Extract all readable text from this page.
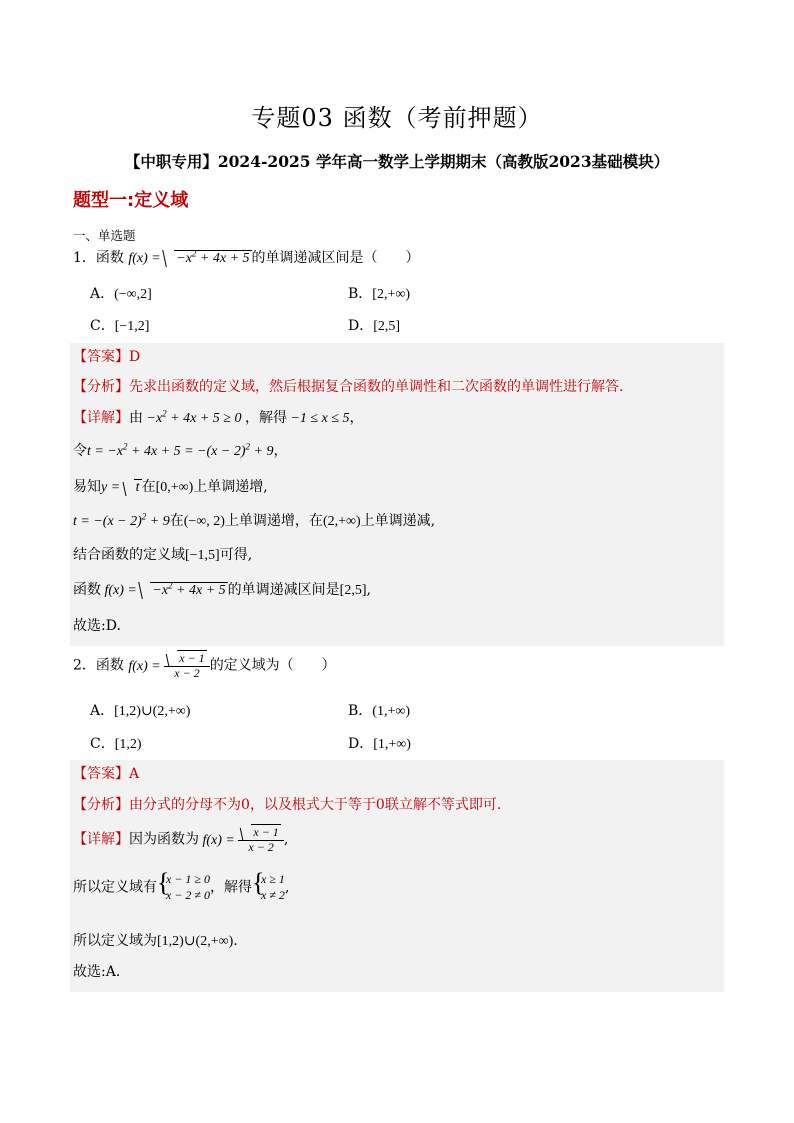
专题03 函数（考前押题）
【中职专用】2024-2025 学年高一数学上学期期末（高教版2023基础模块）
题型一:定义域
一、单选题
1．函数 $f(x) = -x^2 + 4x + 5$ 的单调递减区间是（　　）
A．(−∞,2]	B．[2,+∞)
C．[−1,2]	D．[2,5]
【答案】D
【分析】先求出函数的定义域，然后根据复合函数的单调性和二次函数的单调性进行解答.
【详解】由 $-x^2 + 4x + 5 \ge 0$ ，解得 −1 ≤ x ≤ 5，
令$t = -x^2 + 4x + 5 = -(x - 2)^2 + 9$，
易知y = t 在[0,+∞)上单调递增,
$t = -(x - 2)^2 + 9$在(−∞, 2)上单调递增，在(2,+∞)上单调递减,
结合函数的定义域[−1,5]可得,
函数 $f(x) = -x^2 + 4x + 5$ 的单调递减区间是[2,5],
故选:D.
2．函数 $f(x) = \frac{x - 1}{x - 2}$ 的定义域为（　　）
A．[1,2)∪(2,+∞)	B．(1,+∞)
C．[1,2)	D．[1,+∞)
【答案】A
【分析】由分式的分母不为0，以及根式大于等于0联立解不等式即可.
【详解】因为函数为 $f(x) = \frac{x - 1}{x - 2}$ ,
所以定义域有 {
x − 1 ≥ 0
x − 2 ≠ 0 ，解得 {
x ≥ 1
x ≠ 2 ,
所以定义域为[1,2)∪(2,+∞).
故选:A.
